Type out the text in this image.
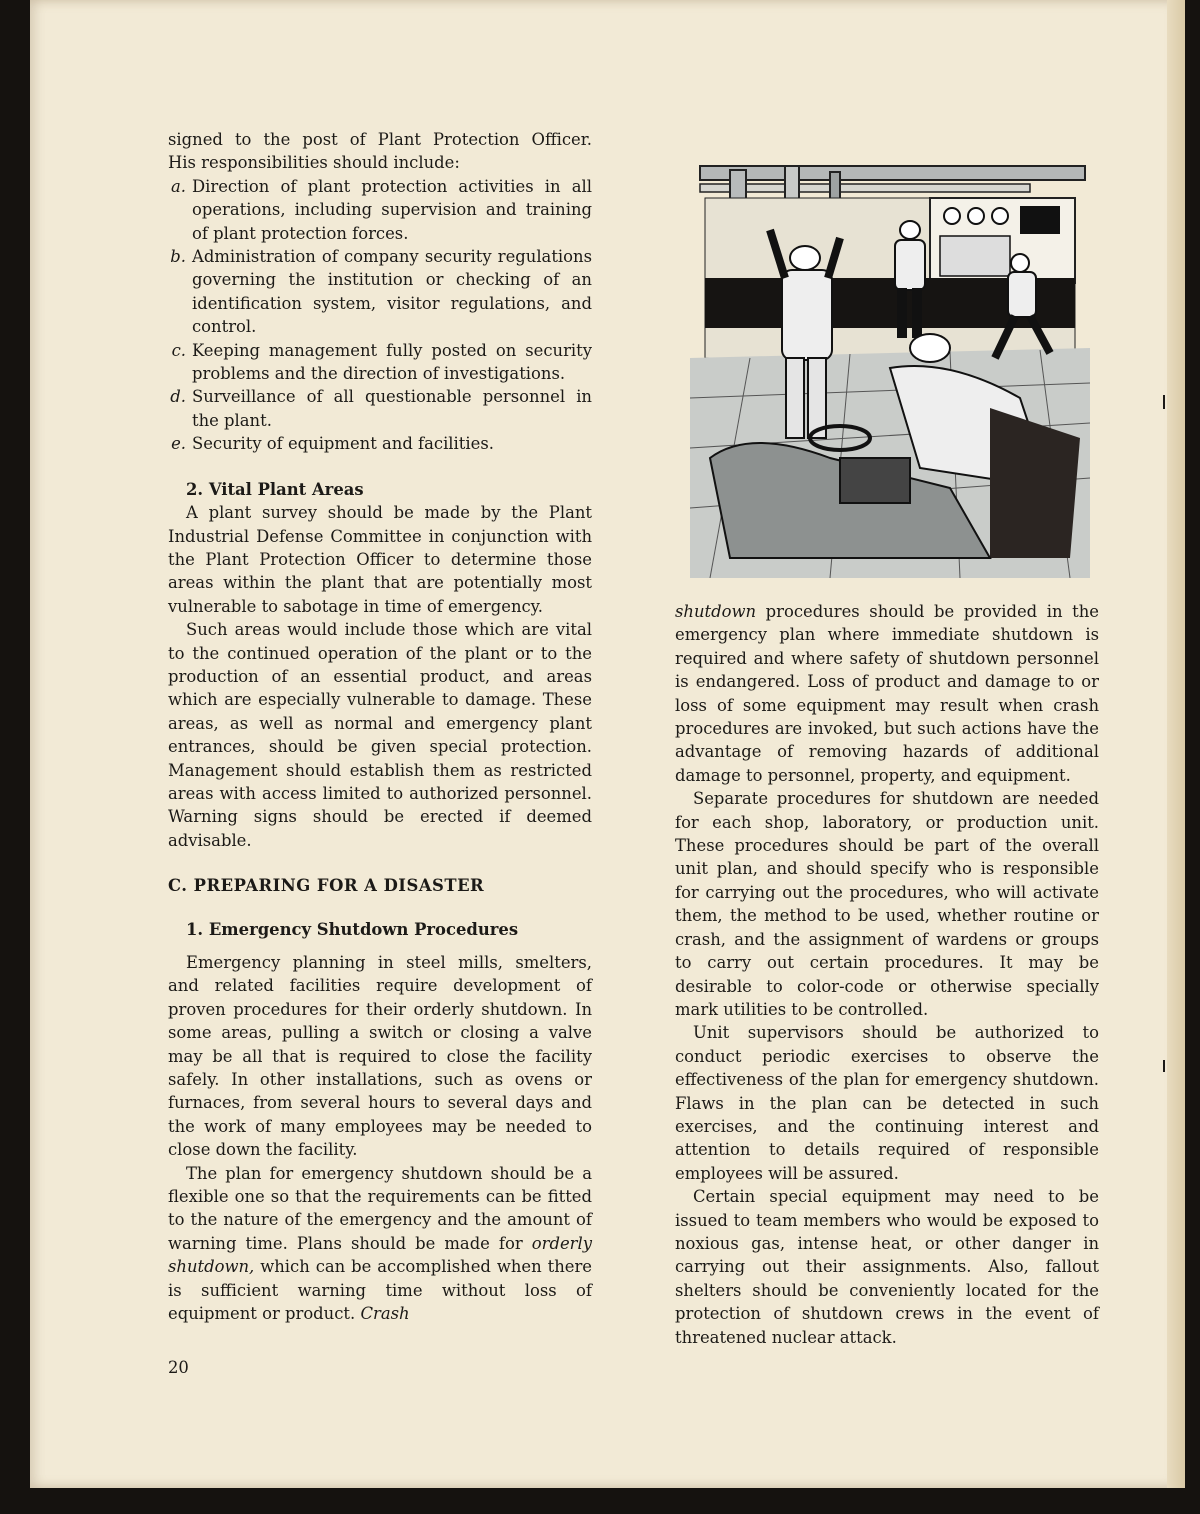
signed to the post of Plant Protection Officer.

His responsibilities should include:

a. Direction of plant protection activities in all operations, including supervision and training of plant protection forces.
b. Administration of company security regulations governing the institution or checking of an identification system, visitor regulations, and control.
c. Keeping management fully posted on security problems and the direction of investigations.
d. Surveillance of all questionable personnel in the plant.
e. Security of equipment and facilities.

2. Vital Plant Areas

A plant survey should be made by the Plant Industrial Defense Committee in conjunction with the Plant Protection Officer to determine those areas within the plant that are potentially most vulnerable to sabotage in time of emergency.

Such areas would include those which are vital to the continued operation of the plant or to the production of an essential product, and areas which are especially vulnerable to damage. These areas, as well as normal and emergency plant entrances, should be given special protection. Management should establish them as restricted areas with access limited to authorized personnel. Warning signs should be erected if deemed advisable.

C. PREPARING FOR A DISASTER

1. Emergency Shutdown Procedures

Emergency planning in steel mills, smelters, and related facilities require development of proven procedures for their orderly shutdown. In some areas, pulling a switch or closing a valve may be all that is required to close the facility safely. In other installations, such as ovens or furnaces, from several hours to several days and the work of many employees may be needed to close down the facility.

The plan for emergency shutdown should be a flexible one so that the requirements can be fitted to the nature of the emergency and the amount of warning time. Plans should be made for orderly shutdown, which can be accomplished when there is sufficient warning time without loss of equipment or product. Crash

shutdown procedures should be provided in the emergency plan where immediate shutdown is required and where safety of shutdown personnel is endangered. Loss of product and damage to or loss of some equipment may result when crash procedures are invoked, but such actions have the advantage of removing hazards of additional damage to personnel, property, and equipment.

Separate procedures for shutdown are needed for each shop, laboratory, or production unit. These procedures should be part of the overall unit plan, and should specify who is responsible for carrying out the procedures, who will activate them, the method to be used, whether routine or crash, and the assignment of wardens or groups to carry out certain procedures. It may be desirable to color-code or otherwise specially mark utilities to be controlled.

Unit supervisors should be authorized to conduct periodic exercises to observe the effectiveness of the plan for emergency shutdown. Flaws in the plan can be detected in such exercises, and the continuing interest and attention to details required of responsible employees will be assured.

Certain special equipment may need to be issued to team members who would be exposed to noxious gas, intense heat, or other danger in carrying out their assignments. Also, fallout shelters should be conveniently located for the protection of shutdown crews in the event of threatened nuclear attack.

20
